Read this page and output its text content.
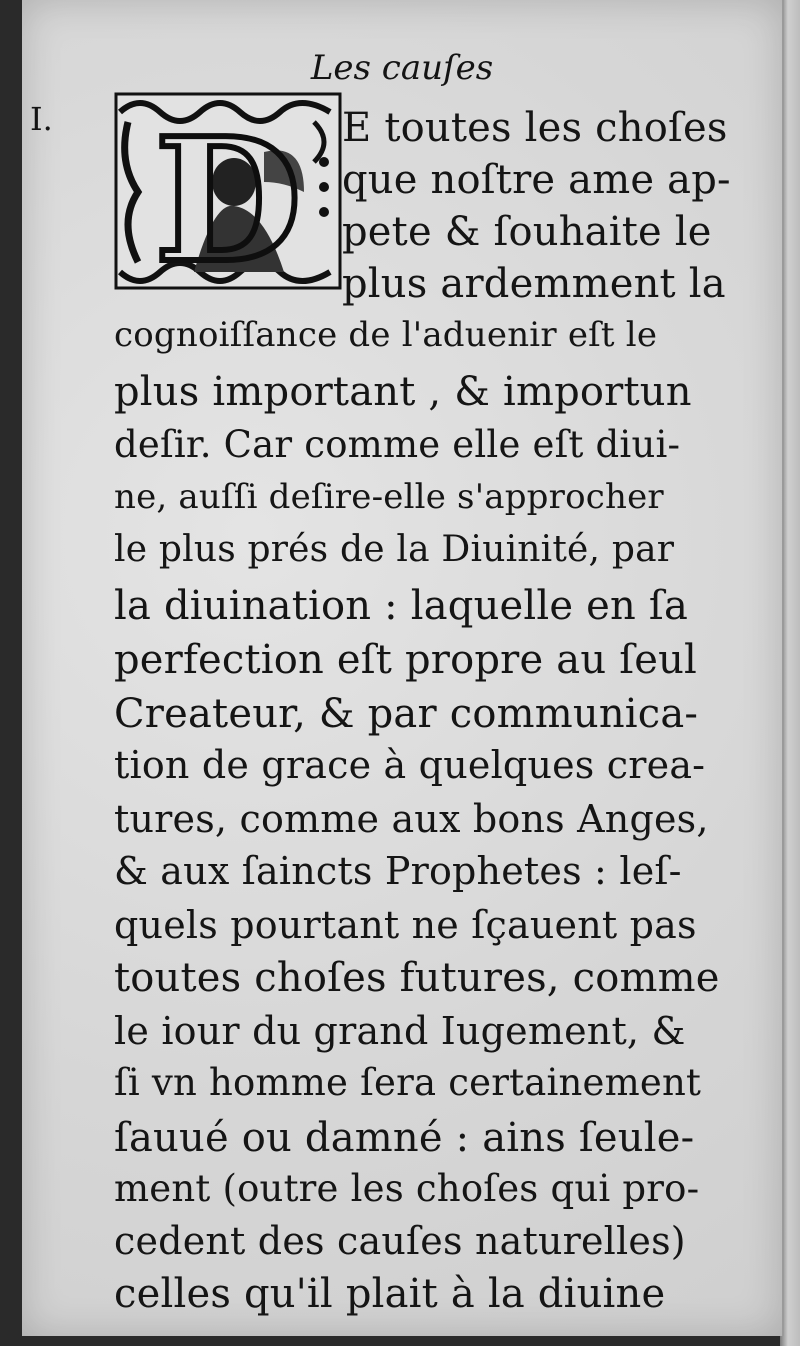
Les cauſes
I. D E toutes les choſes
que noſtre ame ap-
pete & ſouhaite le
plus ardemment la
cognoiſſance de l'aduenir eſt le
plus important , & importun
deſir. Car comme elle eſt diui-
ne, auſſi deſire-elle s'approcher
le plus prés de la Diuinité, par
la diuination : laquelle en ſa
perfection eſt propre au ſeul
Createur, & par communica-
tion de grace à quelques crea-
tures, comme aux bons Anges,
& aux ſaincts Prophetes : leſ-
quels pourtant ne ſçauent pas
toutes choſes futures, comme
le iour du grand Iugement, &
ſi vn homme ſera certainement
ſauué ou damné : ains ſeule-
ment (outre les choſes qui pro-
cedent des cauſes naturelles)
celles qu'il plait à la diuine
